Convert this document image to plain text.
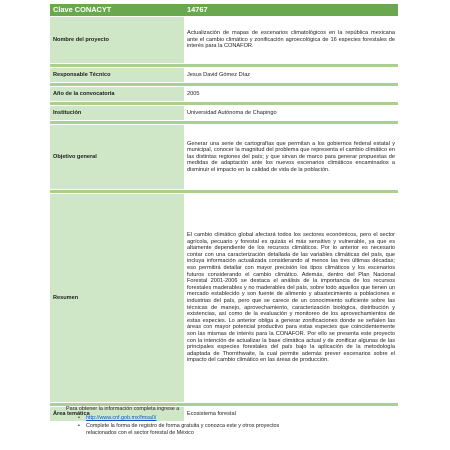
Clave CONACYT	14767
Nombre del proyecto	Actualización de mapas de escenarios climatológicos en la república mexicana ante el cambio climático y zonificación agroecológica de 16 especies forestales de interés para la CONAFOR.

Responsable Técnico	Jesus David Gómez Díaz

Año de la convocatoria	2005

Institución	Universidad Autónoma de Chapingo

Objetivo general	Generar una serie de cartografías que permitan a los gobiernos federal estatal y municipal, conocer la magnitud del problema que representa el cambio climático en las distintas regiones del país; y que sirvan de marco para generar propuestas de medidas de adaptación ante los nuevos escenarios climáticos encaminados a disminuir el impacto en la calidad de vida de la población.

Resumen	El cambio climático global afectará todos los sectores económicos, pero el sector agrícola, pecuario y forestal es quizás el más sensitivo y vulnerable, ya que es altamente dependiente de los recursos climáticos. Por lo anterior es necesario contar con una caracterización detallada de las variables climáticas del país, que incluya información actualizada considerando al menos las tres últimas décadas; eso permitirá detallar con mayor precisión los tipos climáticos y los escenarios futuros considerando el cambio climático. Además, dentro del Plan Nacional Forestal 2001-2006 se destaca el análisis de la importancia de los recursos forestales maderables y no maderables del país, sobre todo aquellos que tienen un mercado establecido y son fuente de alimento y abastecimiento a poblaciones e industrias del país, pero que se carece de un conocimiento suficiente sobre las técnicas de manejo, aprovechamiento, caracterización biológica, distribución y existencias, así como de la evaluación y monitoreo de los aprovechamientos de estas especies. Lo anterior obliga a generar zonificaciones donde se señalen las áreas con mayor potencial productivo para estas especies que coincidentemente son las mismas de interés para la CONAFOR. Por ello se presenta este proyecto con la intención de actualizar la base climática actual y de zonificar algunas de las principales especies forestales del país bajo la aplicación de la metodología adaptada de Thornthwaite, la cual permite además prever escenarios sobre el impacto del cambio climático en las áreas de producción.

Área temática	Ecosistema forestal
Para obtener la información completa ingrese a
• http://www.cnf.gob.mx/fmsa0/
• Complete la forma de registro de forma gratuita y conozca este y otros proyectos
relacionados con el sector forestal de México
